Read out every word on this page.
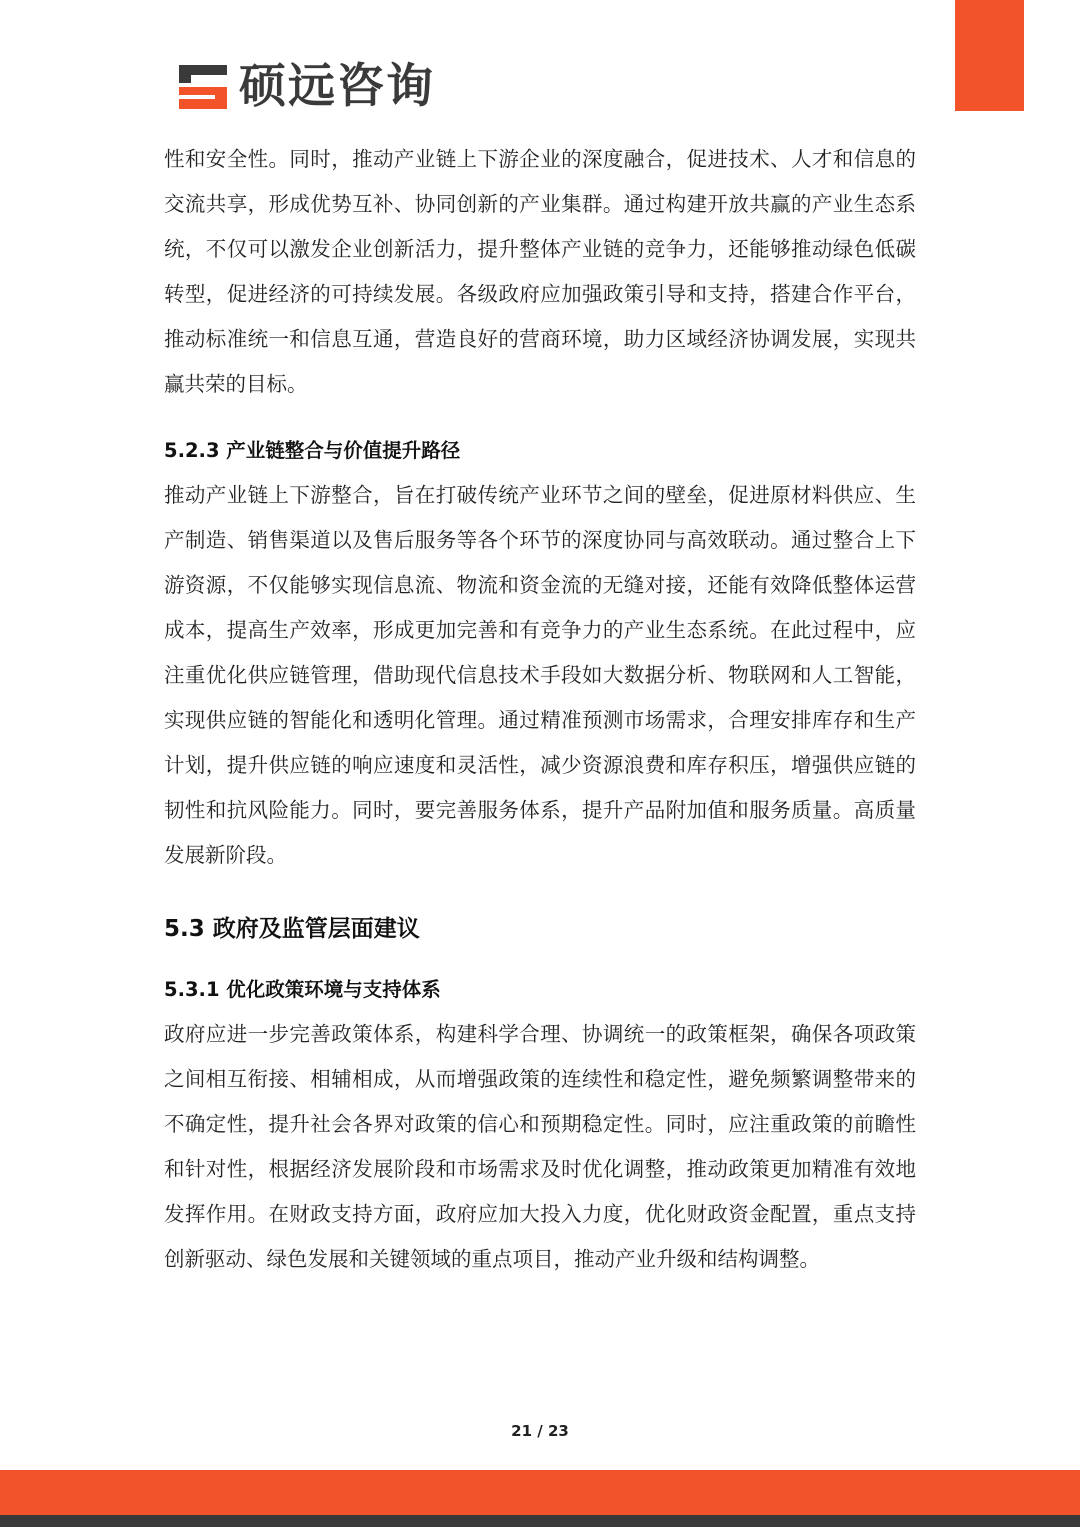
硕远咨询

性和安全性。同时，推动产业链上下游企业的深度融合，促进技术、人才和信息的交流共享，形成优势互补、协同创新的产业集群。通过构建开放共赢的产业生态系统，不仅可以激发企业创新活力，提升整体产业链的竞争力，还能够推动绿色低碳转型，促进经济的可持续发展。各级政府应加强政策引导和支持，搭建合作平台，推动标准统一和信息互通，营造良好的营商环境，助力区域经济协调发展，实现共赢共荣的目标。

5.2.3 产业链整合与价值提升路径

推动产业链上下游整合，旨在打破传统产业环节之间的壁垒，促进原材料供应、生产制造、销售渠道以及售后服务等各个环节的深度协同与高效联动。通过整合上下游资源，不仅能够实现信息流、物流和资金流的无缝对接，还能有效降低整体运营成本，提高生产效率，形成更加完善和有竞争力的产业生态系统。在此过程中，应注重优化供应链管理，借助现代信息技术手段如大数据分析、物联网和人工智能，实现供应链的智能化和透明化管理。通过精准预测市场需求，合理安排库存和生产计划，提升供应链的响应速度和灵活性，减少资源浪费和库存积压，增强供应链的韧性和抗风险能力。同时，要完善服务体系，提升产品附加值和服务质量。高质量发展新阶段。

5.3 政府及监管层面建议
5.3.1 优化政策环境与支持体系

政府应进一步完善政策体系，构建科学合理、协调统一的政策框架，确保各项政策之间相互衔接、相辅相成，从而增强政策的连续性和稳定性，避免频繁调整带来的不确定性，提升社会各界对政策的信心和预期稳定性。同时，应注重政策的前瞻性和针对性，根据经济发展阶段和市场需求及时优化调整，推动政策更加精准有效地发挥作用。在财政支持方面，政府应加大投入力度，优化财政资金配置，重点支持创新驱动、绿色发展和关键领域的重点项目，推动产业升级和结构调整。

21 / 23
